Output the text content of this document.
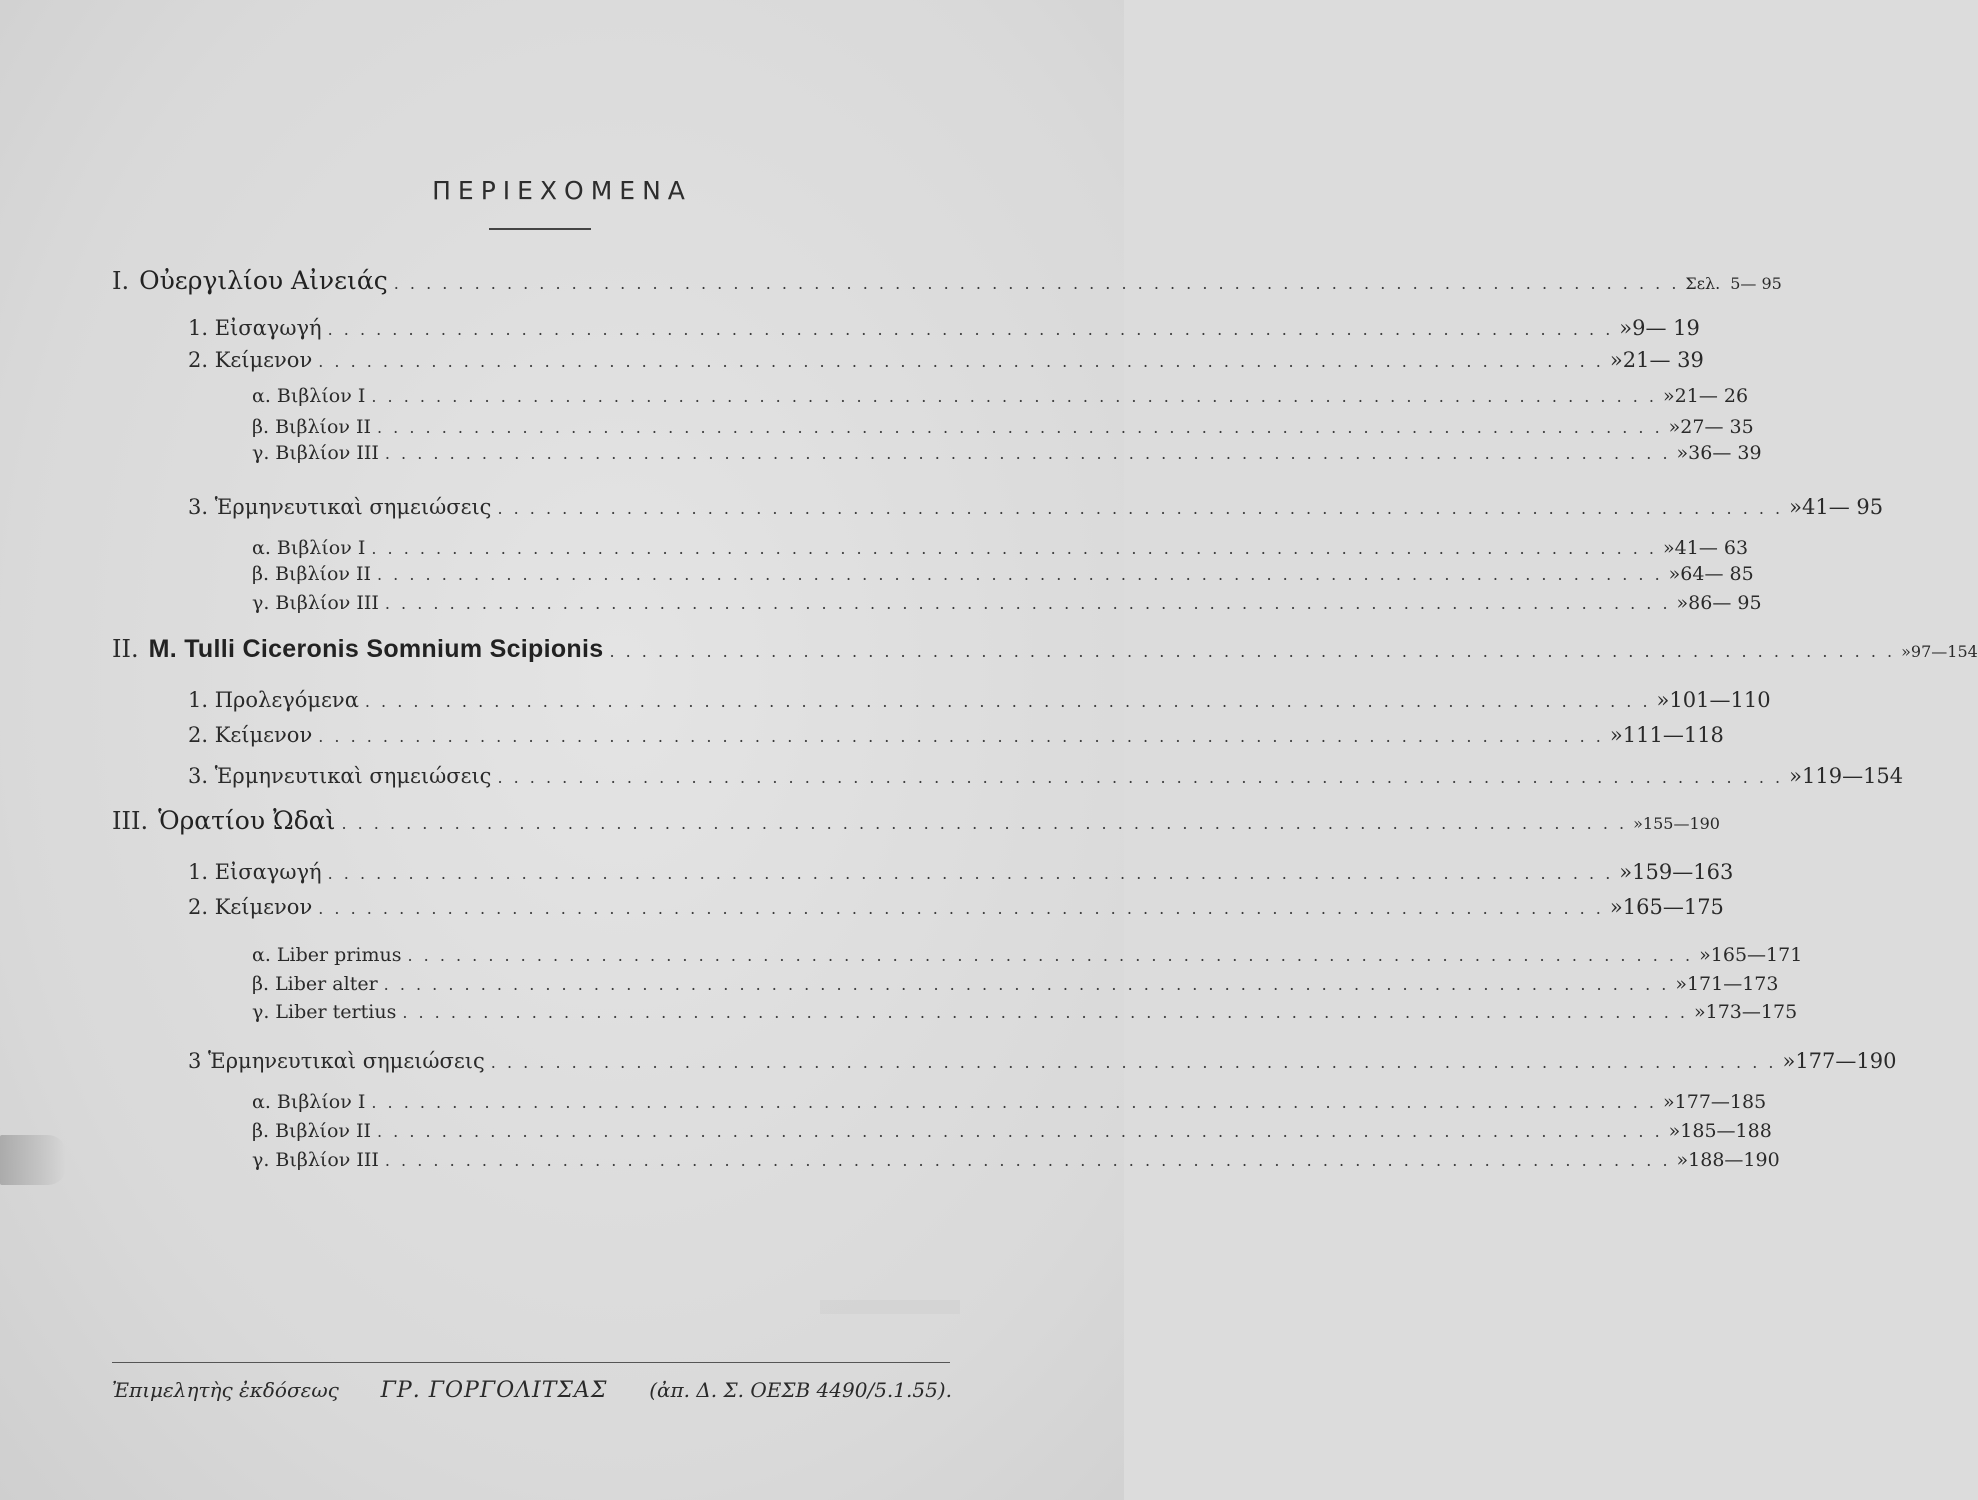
ΠΕΡΙΕΧΟΜΕΝΑ
I. Οὐεργιλίου Αἰνειάς . . . . . . . . . . . . . . . . . . . . . . . . . . . . . . . . . . . . . . . . . . . . . . . . . . . . . . . . . . . . . . . . . . . . . . . . . . . . . . . . Σελ. 5— 95
1. Εἰσαγωγή . . . . . . . . . . . . . . . . . . . . . . . . . . . . . . . . . . . . . . . . . . . . . . . . . . . . . . . . . . . . . . . . . . . . . . . . . . . . . . . . » 9— 19
2. Κείμενον . . . . . . . . . . . . . . . . . . . . . . . . . . . . . . . . . . . . . . . . . . . . . . . . . . . . . . . . . . . . . . . . . . . . . . . . . . . . . . . . » 21— 39
α. Βιβλίον I . . . . . . . . . . . . . . . . . . . . . . . . . . . . . . . . . . . . . . . . . . . . . . . . . . . . . . . . . . . . . . . . . . . . . . . . . . . . . . . . » 21— 26
β. Βιβλίον II . . . . . . . . . . . . . . . . . . . . . . . . . . . . . . . . . . . . . . . . . . . . . . . . . . . . . . . . . . . . . . . . . . . . . . . . . . . . . . . . » 27— 35
γ. Βιβλίον III . . . . . . . . . . . . . . . . . . . . . . . . . . . . . . . . . . . . . . . . . . . . . . . . . . . . . . . . . . . . . . . . . . . . . . . . . . . . . . . . » 36— 39
3. Ἑρμηνευτικαὶ σημειώσεις . . . . . . . . . . . . . . . . . . . . . . . . . . . . . . . . . . . . . . . . . . . . . . . . . . . . . . . . . . . . . . . . . . . . . . . . . . . . . . . . » 41— 95
α. Βιβλίον I . . . . . . . . . . . . . . . . . . . . . . . . . . . . . . . . . . . . . . . . . . . . . . . . . . . . . . . . . . . . . . . . . . . . . . . . . . . . . . . . » 41— 63
β. Βιβλίον II . . . . . . . . . . . . . . . . . . . . . . . . . . . . . . . . . . . . . . . . . . . . . . . . . . . . . . . . . . . . . . . . . . . . . . . . . . . . . . . . » 64— 85
γ. Βιβλίον III . . . . . . . . . . . . . . . . . . . . . . . . . . . . . . . . . . . . . . . . . . . . . . . . . . . . . . . . . . . . . . . . . . . . . . . . . . . . . . . . » 86— 95
II. M. Tulli Ciceronis Somnium Scipionis . . . . . . . . . . . . . . . . . . . . . . . . . . . . . . . . . . . . . . . . . . . . . . . . . . . . . . . . . . . . . . . . . . . . . . . . . . . . . . . . » 97—154
1. Προλεγόμενα . . . . . . . . . . . . . . . . . . . . . . . . . . . . . . . . . . . . . . . . . . . . . . . . . . . . . . . . . . . . . . . . . . . . . . . . . . . . . . . . » 101—110
2. Κείμενον . . . . . . . . . . . . . . . . . . . . . . . . . . . . . . . . . . . . . . . . . . . . . . . . . . . . . . . . . . . . . . . . . . . . . . . . . . . . . . . . » 111—118
3. Ἑρμηνευτικαὶ σημειώσεις . . . . . . . . . . . . . . . . . . . . . . . . . . . . . . . . . . . . . . . . . . . . . . . . . . . . . . . . . . . . . . . . . . . . . . . . . . . . . . . . » 119—154
III. Ὁρατίου Ὠδαὶ . . . . . . . . . . . . . . . . . . . . . . . . . . . . . . . . . . . . . . . . . . . . . . . . . . . . . . . . . . . . . . . . . . . . . . . . . . . . . . . . » 155—190
1. Εἰσαγωγή . . . . . . . . . . . . . . . . . . . . . . . . . . . . . . . . . . . . . . . . . . . . . . . . . . . . . . . . . . . . . . . . . . . . . . . . . . . . . . . . » 159—163
2. Κείμενον . . . . . . . . . . . . . . . . . . . . . . . . . . . . . . . . . . . . . . . . . . . . . . . . . . . . . . . . . . . . . . . . . . . . . . . . . . . . . . . . » 165—175
α. Liber primus . . . . . . . . . . . . . . . . . . . . . . . . . . . . . . . . . . . . . . . . . . . . . . . . . . . . . . . . . . . . . . . . . . . . . . . . . . . . . . . . » 165—171
β. Liber alter . . . . . . . . . . . . . . . . . . . . . . . . . . . . . . . . . . . . . . . . . . . . . . . . . . . . . . . . . . . . . . . . . . . . . . . . . . . . . . . . » 171—173
γ. Liber tertius . . . . . . . . . . . . . . . . . . . . . . . . . . . . . . . . . . . . . . . . . . . . . . . . . . . . . . . . . . . . . . . . . . . . . . . . . . . . . . . . » 173—175
3 Ἑρμηνευτικαὶ σημειώσεις . . . . . . . . . . . . . . . . . . . . . . . . . . . . . . . . . . . . . . . . . . . . . . . . . . . . . . . . . . . . . . . . . . . . . . . . . . . . . . . . » 177—190
α. Βιβλίον I . . . . . . . . . . . . . . . . . . . . . . . . . . . . . . . . . . . . . . . . . . . . . . . . . . . . . . . . . . . . . . . . . . . . . . . . . . . . . . . . » 177—185
β. Βιβλίον II . . . . . . . . . . . . . . . . . . . . . . . . . . . . . . . . . . . . . . . . . . . . . . . . . . . . . . . . . . . . . . . . . . . . . . . . . . . . . . . . » 185—188
γ. Βιβλίον III . . . . . . . . . . . . . . . . . . . . . . . . . . . . . . . . . . . . . . . . . . . . . . . . . . . . . . . . . . . . . . . . . . . . . . . . . . . . . . . . » 188—190
Ἐπιμελητὴς ἐκδόσεως ΓΡ. ΓΟΡΓΟΛΙΤΣΑΣ (ἀπ. Δ. Σ. ΟΕΣΒ 4490/5.1.55).
